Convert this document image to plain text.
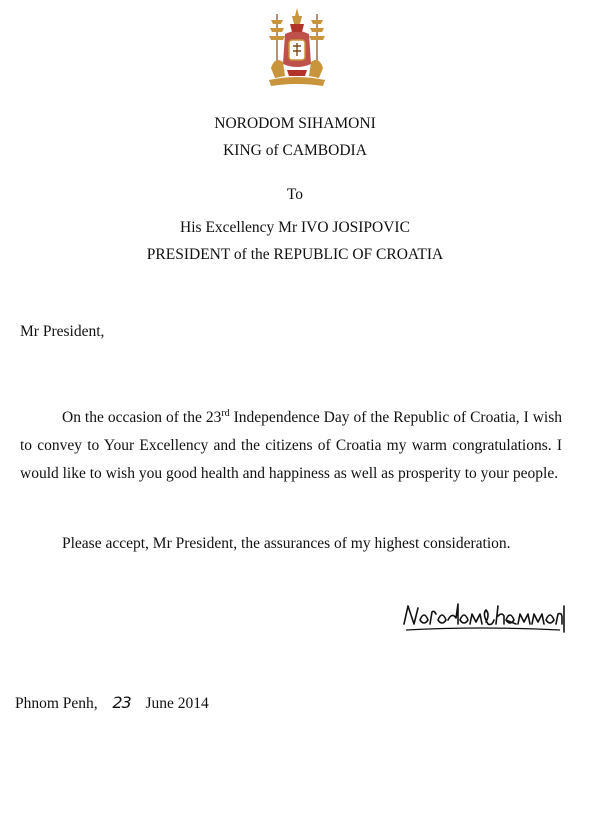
NORODOM SIHAMONI
KING of CAMBODIA
To
His Excellency Mr IVO JOSIPOVIC
PRESIDENT of the REPUBLIC OF CROATIA
Mr President,
On the occasion of the 23rd Independence Day of the Republic of Croatia, I wish to convey to Your Excellency and the citizens of Croatia my warm congratulations. I would like to wish you good health and happiness as well as prosperity to your people.
Please accept, Mr President, the assurances of my highest consideration.
Phnom Penh, 23 June 2014
